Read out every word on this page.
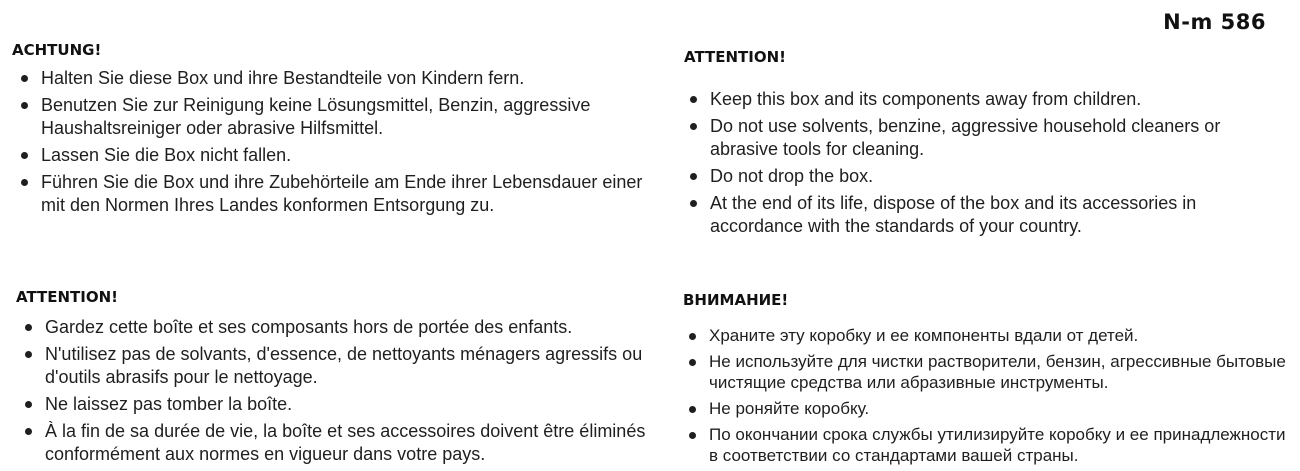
N-m 586
ACHTUNG!
Halten Sie diese Box und ihre Bestandteile von Kindern fern.
Benutzen Sie zur Reinigung keine Lösungsmittel, Benzin, aggressive Haushaltsreiniger oder abrasive Hilfsmittel.
Lassen Sie die Box nicht fallen.
Führen Sie die Box und ihre Zubehörteile am Ende ihrer Lebensdauer einer mit den Normen Ihres Landes konformen Entsorgung zu.
ATTENTION!
Keep this box and its components away from children.
Do not use solvents, benzine, aggressive household cleaners or abrasive tools for cleaning.
Do not drop the box.
At the end of its life, dispose of the box and its accessories in accordance with the standards of your country.
ATTENTION!
Gardez cette boîte et ses composants hors de portée des enfants.
N'utilisez pas de solvants, d'essence, de nettoyants ménagers agressifs ou d'outils abrasifs pour le nettoyage.
Ne laissez pas tomber la boîte.
À la fin de sa durée de vie, la boîte et ses accessoires doivent être éliminés conformément aux normes en vigueur dans votre pays.
ВНИМАНИЕ!
Храните эту коробку и ее компоненты вдали от детей.
Не используйте для чистки растворители, бензин, агрессивные бытовые чистящие средства или абразивные инструменты.
Не роняйте коробку.
По окончании срока службы утилизируйте коробку и ее принадлежности в соответствии со стандартами вашей страны.
